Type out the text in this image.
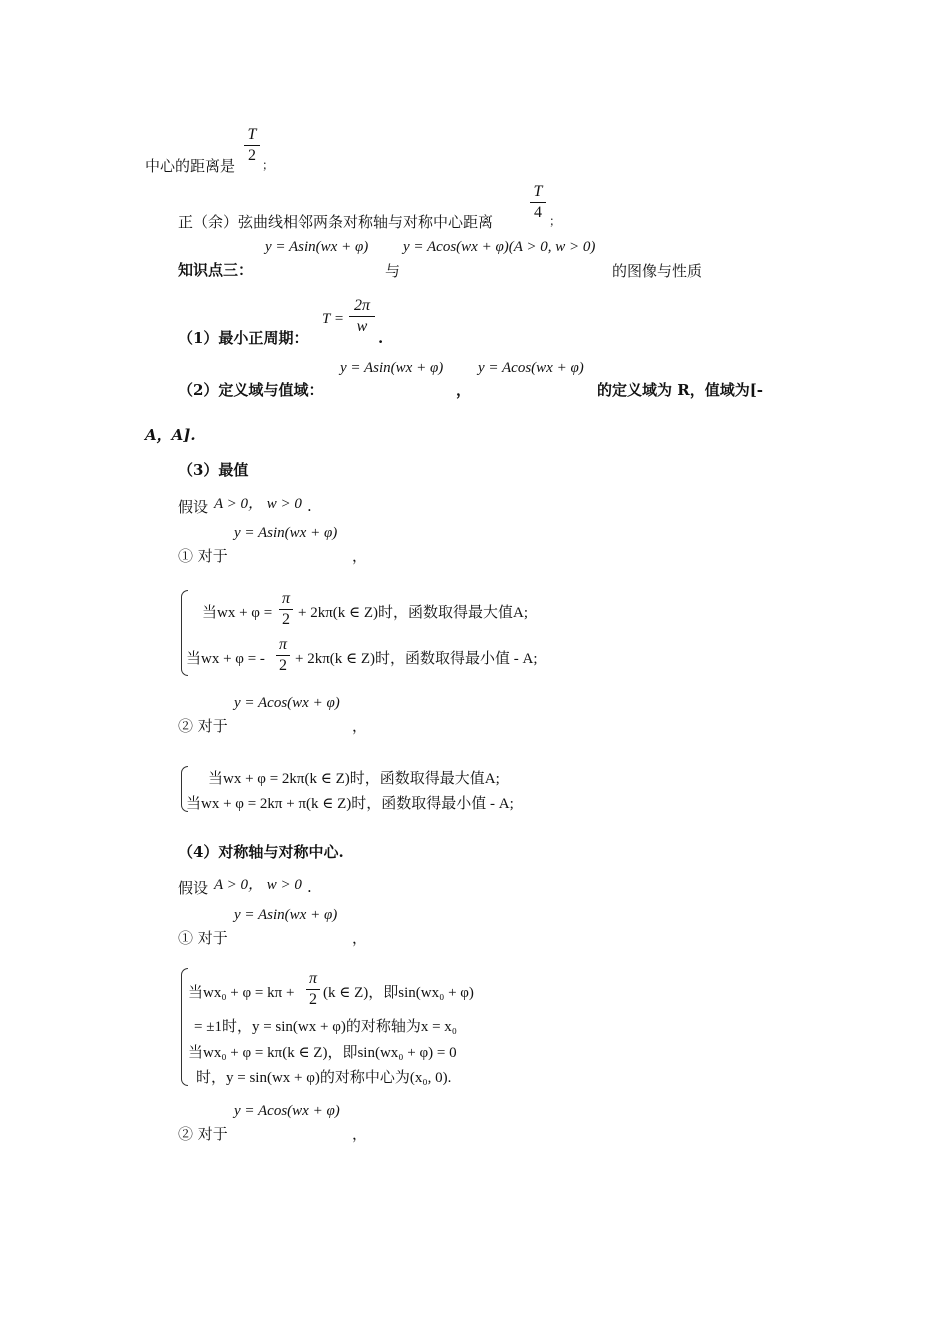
中心的距离是
T
2
；
正（余）弦曲线相邻两条对称轴与对称中心距离
T
4 ；
y = Asin(wx + φ) y = Acos(wx + φ)(A > 0, w > 0)
知识点三：	与	的图像与性质
T =
2π
w
.
（1）最小正周期：
y = Asin(wx + φ) y = Acos(wx + φ)
（2）定义域与值域：	，	的定义域为 R，值域为[-
A，A].
（3）最值
假设 A > 0， w > 0 .
y = Asin(wx + φ)
① 对于	，
当wx + φ =
π
2 + 2kπ(k ∈ Z)时，函数取得最大值A;
当wx + φ = -
π
2 + 2kπ(k ∈ Z)时，函数取得最小值 - A;
y = Acos(wx + φ)
② 对于	，
当wx + φ = 2kπ(k ∈ Z)时，函数取得最大值A;
当wx + φ = 2kπ + π(k ∈ Z)时，函数取得最小值 - A;
（4）对称轴与对称中心.
假设 A > 0， w > 0 .
y = Asin(wx + φ)
① 对于	，
当wx₀ + φ = kπ +
π
2 (k ∈ Z)，即sin(wx₀ + φ)
= ±1时，y = sin(wx + φ)的对称轴为x = x₀
当wx₀ + φ = kπ(k ∈ Z)，即sin(wx₀ + φ) = 0
时，y = sin(wx + φ)的对称中心为(x₀, 0).
y = Acos(wx + φ)
② 对于	，
